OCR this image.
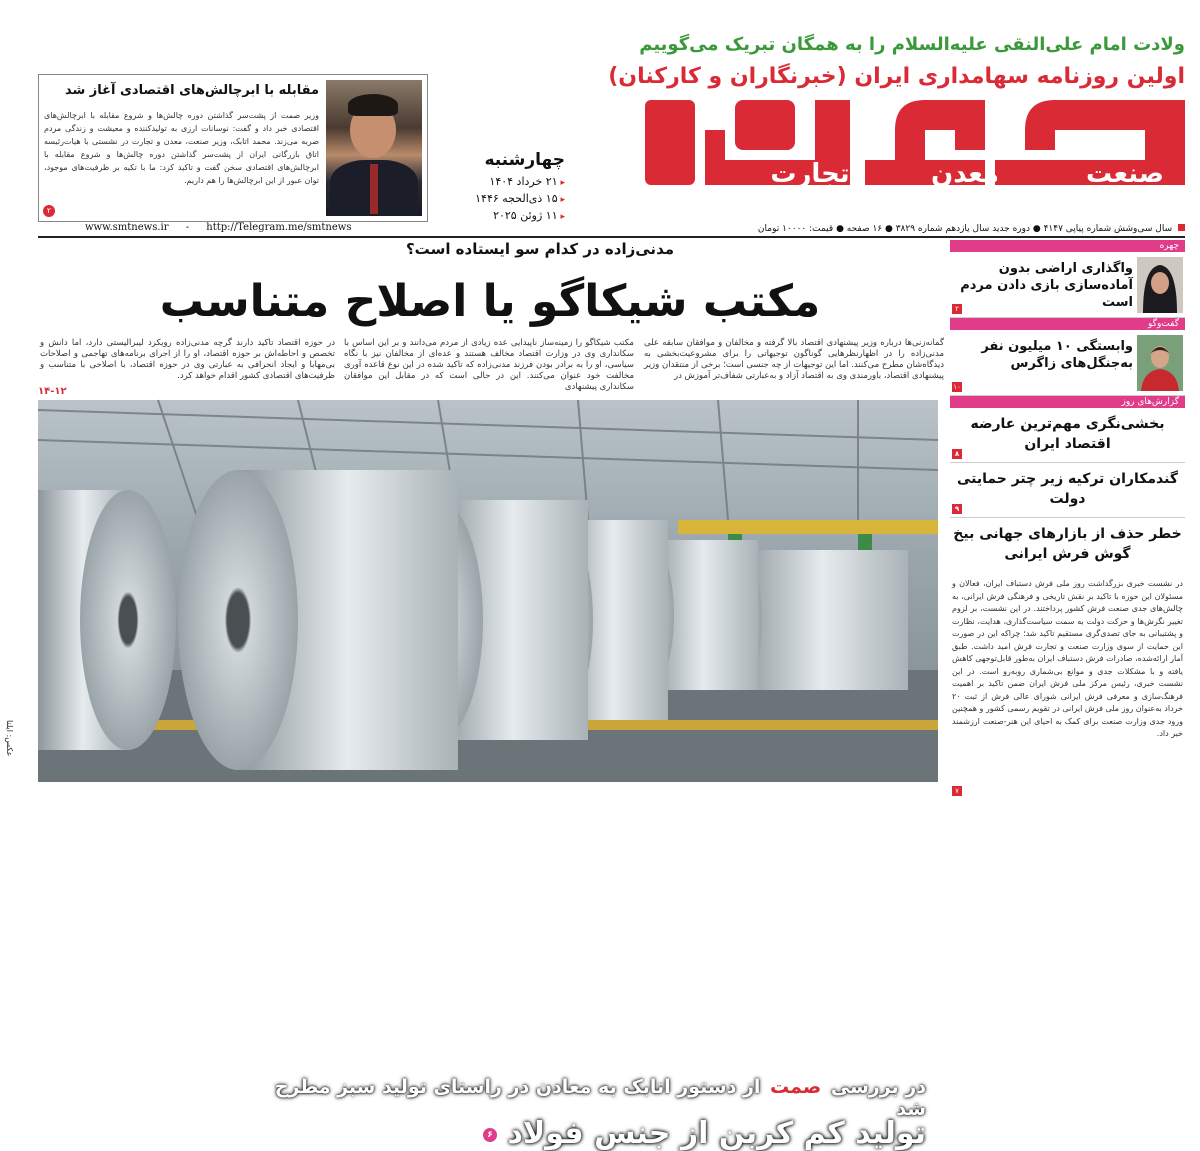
ولادت امام علی‌النقی علیه‌السلام را به همگان تبریک می‌گوییم
اولین روزنامه سهامداری ایران (خبرنگاران و کارکنان)
صنعت
معدن
تجارت
چهارشنبه
▸ ۲۱ خرداد ۱۴۰۴
▸ ۱۵ ذی‌الحجه ۱۴۴۶
▸ ۱۱ ژوئن ۲۰۲۵
سال سی‌وشش شماره پیاپی ۴۱۴۷ ● دوره جدید سال یازدهم شماره ۳۸۲۹ ● ۱۶ صفحه ● قیمت: ۱۰۰۰۰ تومان
مقابله با ابرچالش‌های اقتصادی آغاز شد
وزیر صمت از پشت‌سر گذاشتن دوره چالش‌ها و شروع مقابله با ابرچالش‌های اقتصادی خبر داد و گفت: نوسانات ارزی به تولیدکننده و معیشت و زندگی مردم ضربه می‌زند. محمد اتابک، وزیر صنعت، معدن و تجارت در نشستی با هیات‌رئیسه اتاق بازرگانی ایران از پشت‌سر گذاشتن دوره چالش‌ها و شروع مقابله با ابرچالش‌های اقتصادی سخن گفت و تاکید کرد: ما با تکیه بر ظرفیت‌های موجود، توان عبور از این ابرچالش‌ها را هم داریم.
۲
www.smtnews.ir - http://Telegram.me/smtnews
مدنی‌زاده در کدام سو ایستاده است؟
مکتب شیکاگو یا اصلاح متناسب
گمانه‌زنی‌ها درباره وزیر پیشنهادی اقتصاد بالا گرفته و مخالفان و موافقان سابقه علی مدنی‌زاده را در اظهارنظرهایی گوناگون توجیهاتی را برای مشروعیت‌بخشی به دیدگاه‌شان مطرح می‌کنند. اما این توجیهات از چه جنسی است؛ برخی از منتقدان وزیر پیشنهادی اقتصاد، باورمندی وی به اقتصاد آزاد و به‌عبارتی شفاف‌تر آموزش در
مکتب شیکاگو را زمینه‌ساز ناپیدایی عده زیادی از مردم می‌دانند و بر این اساس با سکانداری وی در وزارت اقتصاد مخالف هستند و عده‌ای از مخالفان نیز با نگاه سیاسی، او را به برادر بودن فرزند مدنی‌زاده که تاکید شده در این نوع قاعده آوری مخالفت خود عنوان می‌کنند. این در حالی است که در مقابل این موافقان سکانداری پیشنهادی
در حوزه اقتصاد تاکید دارند گرچه مدنی‌زاده رویکرد لیبرالیستی دارد، اما دانش و تخصص و احاطه‌اش بر حوزه اقتصاد، او را از اجرای برنامه‌های تهاجمی و اصلاحات بی‌مهابا و ایجاد انحرافی به عبارتی وی در حوزه اقتصاد، با اصلاحی با متناسب و ظرفیت‌های اقتصادی کشور اقدام خواهد کرد.
۱۴-۱۲
در بررسی صمت از دستور اتابک به معادن در راستای تولید سبز مطرح شد
تولید کم کربن از جنس فولاد ۶
عکس: ایلنا
چهره
واگذاری اراضی بدون آماده‌سازی بازی دادن مردم است
۲
گفت‌وگو
وابستگی ۱۰ میلیون نفر به‌جنگل‌های زاگرس
۱۰
گزارش‌های روز
بخشی‌نگری مهم‌ترین عارضه اقتصاد ایران
۸
گندمکاران ترکیه زیر چتر حمایتی دولت
۹
خطر حذف از بازارهای جهانی بیخ گوش فرش ایرانی
در نشست خبری بزرگداشت روز ملی فرش دستباف ایران، فعالان و مسئولان این حوزه با تاکید بر نقش تاریخی و فرهنگی فرش ایرانی، به چالش‌های جدی صنعت فرش کشور پرداختند. در این نشست، بر لزوم تغییر نگرش‌ها و حرکت دولت به سمت سیاست‌گذاری، هدایت، نظارت و پشتیبانی به جای تصدی‌گری مستقیم تاکید شد؛ چراکه این در صورت این حمایت از سوی وزارت صنعت و تجارت فرش امید داشت. طبق آمار ارائه‌شده، صادرات فرش دستباف ایران به‌طور قابل‌توجهی کاهش یافته و با مشکلات جدی و موانع بی‌شماری روبه‌رو است. در این نشست خبری، رئیس مرکز ملی فرش ایران ضمن تاکید بر اهمیت فرهنگ‌سازی و معرفی فرش ایرانی شورای عالی فرش از ثبت ۲۰ خرداد به‌عنوان روز ملی فرش ایرانی در تقویم رسمی کشور و همچنین ورود جدی وزارت صنعت برای کمک به احیای این هنر-صنعت ارزشمند خبر داد.
۷
